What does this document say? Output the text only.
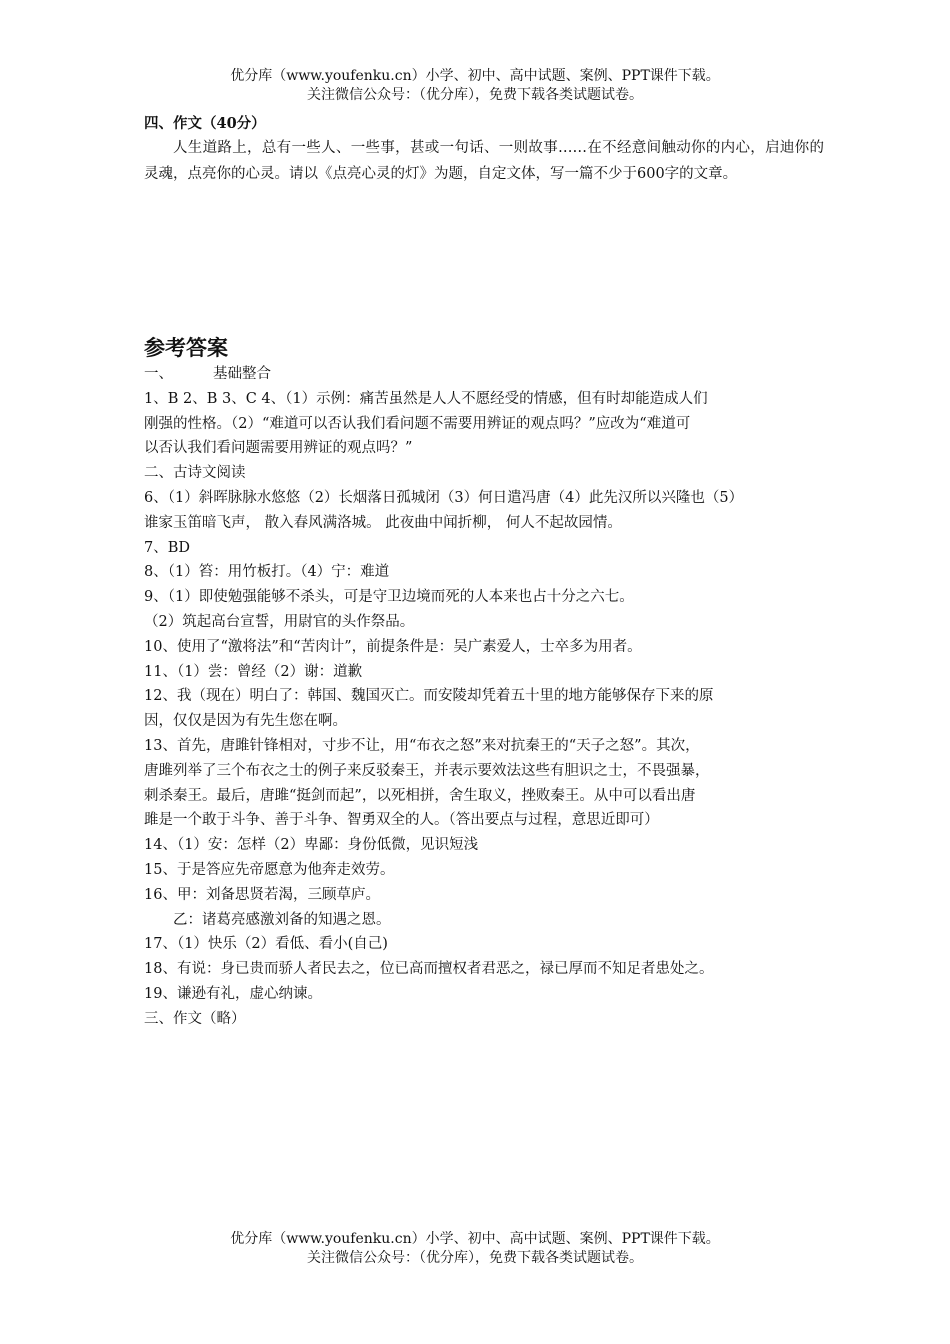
优分库（www.youfenku.cn）小学、初中、高中试题、案例、PPT课件下载。
关注微信公众号：（优分库），免费下载各类试题试卷。
四、作文（40分）
人生道路上，总有一些人、一些事，甚或一句话、一则故事……在不经意间触动你的内心，启迪你的灵魂，点亮你的心灵。请以《点亮心灵的灯》为题，自定文体，写一篇不少于600字的文章。
参考答案
一、	基础整合
1、B 2、B 3、C 4、（1）示例：痛苦虽然是人人不愿经受的情感，但有时却能造成人们
刚强的性格。（2）“难道可以否认我们看问题不需要用辨证的观点吗？”应改为“难道可
以否认我们看问题需要用辨证的观点吗？”
二、古诗文阅读
6、（1）斜晖脉脉水悠悠（2）长烟落日孤城闭（3）何日遣冯唐（4）此先汉所以兴隆也（5）
谁家玉笛暗飞声， 散入春风满洛城。 此夜曲中闻折柳， 何人不起故园情。
7、BD
8、（1）笞：用竹板打。（4）宁：难道
9、（1）即使勉强能够不杀头，可是守卫边境而死的人本来也占十分之六七。
（2）筑起高台宣誓，用尉官的头作祭品。
10、使用了“激将法”和“苦肉计”，前提条件是：吴广素爱人，士卒多为用者。
11、（1）尝：曾经（2）谢：道歉
12、我（现在）明白了：韩国、魏国灭亡。而安陵却凭着五十里的地方能够保存下来的原
因，仅仅是因为有先生您在啊。
13、首先，唐雎针锋相对，寸步不让，用“布衣之怒”来对抗秦王的“天子之怒”。其次，
唐雎列举了三个布衣之士的例子来反驳秦王，并表示要效法这些有胆识之士，不畏强暴，
刺杀秦王。最后，唐雎“挺剑而起”，以死相拼，舍生取义，挫败秦王。从中可以看出唐
雎是一个敢于斗争、善于斗争、智勇双全的人。（答出要点与过程，意思近即可）
14、（1）安：怎样（2）卑鄙：身份低微，见识短浅
15、于是答应先帝愿意为他奔走效劳。
16、甲：刘备思贤若渴，三顾草庐。
乙：诸葛亮感激刘备的知遇之恩。
17、（1）快乐（2）看低、看小(自己)
18、有说：身已贵而骄人者民去之，位已高而擅权者君恶之，禄已厚而不知足者患处之。
19、谦逊有礼，虚心纳谏。
三、作文（略）
优分库（www.youfenku.cn）小学、初中、高中试题、案例、PPT课件下载。
关注微信公众号：（优分库），免费下载各类试题试卷。
